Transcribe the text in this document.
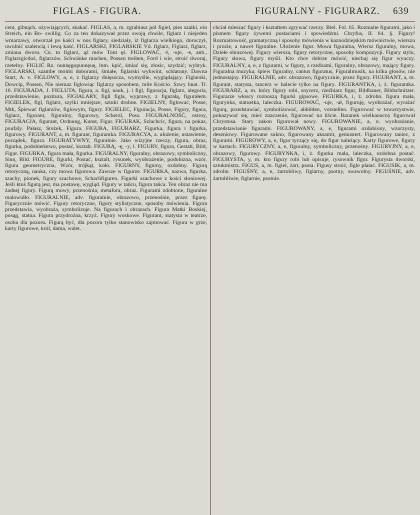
FIGLAS - FIGURA.	FIGURALNY - FIGURARZ. 639

cent, gibnąch, ożywiających, skakać. FIGLAS, a, m. zgrabiasz pól figiel, pies szalki, ein Streich, ein Bo- swillig. Co za ten dokazywał przez swoją chwile, figlarz i niejeden wmarzawy, otworzał po kaści w nos figlary, siedziały, iż figlarza wielkiego, doroczył, uwolnić szalencią i lewą kaść. FIGLARSKI, FIGLARSKIE Vd. figlarz, Figlarz, figlarz, zmiana dworu. Cn. to figlarz, ąż mów Tont ęś. FIGLOWAĆ, -ł, -uje, -e, anh., Figlarzgicdoś, figlarzów. Schwänke machen, Possen treiben, Ford i wie, stroić dworaj, rzetelny. FIGLIĆ Rz. nunnęgopunnęuę, lnm. kpić, śmiać się, złosic, szydzić; wybryk. FIGLARSKI, szambe moimi doborami, śmiałe, figlarski wykwint, schlatuny. Dawna Start, A. v. FIGLOWY, a, e, z figlarzy dnięszcza, wymyślie, wyglądający. Figlarski, Dowcip, Possen, Nie niemaz figlowiąc figlarzy sposobem, mile Kościo. Szwy hnat. Tr. 16. FIGURADA, J. FIGLUTA, figura, a. figl, nauk, j. i figl, figuracja, figlarz, alegoria, przedstawienie, pozitura, FIGIALARY, figli figla, wyprawy, z figurałą, figurałem. FIGIELEK, figl, figlarz, szylki mniejsze, sztuki drobne. FIGIELNY, figlować, Posse, Mtk, Śpiewać figlarzów, figlowym, figury. FIGIELEC, Figuracja, Posse, Figury, figura, figlarz, figurant, figuralny, figurowy, Scherzl, Poss. FIGURALNOŚĆ, ostroy, FIGURACJA, figurant, Ordnung, Kunst, Figur. FIGURAK, Szlachcic, figura, na pokaz, poufaly. Pałasz, Stożek, Figura. FIGURA, FIGURARZ, Figurka, figura i figurka, figurowy. FIGURANT, a, m. figurant, figurantka. FIGURACYA, a. ułożenie, ustawienie, porządek, figura. FIGURATYWNY, figuralnie. Jako wizyjne rzeczy, figura, obraz, figurka, podobieństwo, postać, ksztalt. FIGURĄ, -ę, -y, l. FIGURY, figura, Gestalt, Bild, Figur. FIGURKA, figura mała, figurka. FIGURALNY, figuralny, obrazowy, symboliczny, Sinn, Bild. FIGURE, figurki, Postać, ksztalt, rysunek, wyobrażenie, podobizna, wzór, figura geometryczna, Wzór, trójkąt, koło. FIGURNY, fignrny, ozdobny. Figurą retoryczną, nauka, czy mowa figurowa. Zawsze w figurze. FIGURKA, nazwa, figurka, szachy, pionek, figury szachowe, Schachfiguren. Figurki szachowe z kości słoniowej. Jeśli ktoś figurą jest, ma postawę, wygląd. Figury w tańcu, figura tańca. Ten obraz nie ma żadnej figury. Figurą mowy, przenośnia, metafora, obraz. Figurami zdobione, figuralne malowidło. FIGURALNIE, adv. figuralnie, obrazowo, przenośnie, przez figurę. Figurycznie mówić. Figury retoryczne, figury stylistyczne, sposoby mówienia. Figura przedstawia, wyobraża, symbolizuje. Na figurach i obrazach. Figura Matki Boskiej, posąg, statua. Figura przydrożna, krzyż. Figury woskowe. Figurant, statysta w teatrze, osoba dla pozoru. Figurą być, dla pozoru tylko stanowisko zajmować. Figura w grze, karty figurowe, król, dama, walet.

chciał mieszać figury i kształtem zgrywać rzeczy. Biel. Fol. 65. Rozmaite figurami, jako i pismem figury żywemi postaciami i spowiedźmi. Chryfus, II. 64. §. Figury! Rozmaitowość, gramatyczną i sposoby mówienia w kaznodziejskim mównictwie, wierszu i prozie, a nawet figuralne. Ułożenie figur. Mowa figuralna, Wiersz figuralny, mowa, Dziełe obrazowej. Figury wiersza, figury retoryczne, sposoby kompozycji. Figury stylu, Figury słowa, figury myśli. Kto chce dobrze mówić, niechaj się figur wyuczy. FIGURALNY, a, e, z figurami, w figury, z rzeźbami, figuralny, obrazowy, mający figury. Figuralna muzyka, śpiew figuralny, cantus figuratus, Figuralmusik, na kilka głosów, nie jednostajny. FIGURALNIE, adv. obrazowo, figurycznie, przez figury. FIGURANT, a, m. figurant, statysta, tancerz w balecie tylko na figury. FIGURANTKA, i, ż. figurantka. FIGURARZ, a, m. który figury robi, snycerz, rzeźbiarz figur, Bildhauer, Bildschnitzer. Figurarze włoscy roznoszą figurki gipsowe. FIGURKA, i, ż. zdrobn. figura mała, figurynka, statuetka, laleczka. FIGUROWAĆ, -uje, -ał, figuruję, wyobrażać, wyrażać figurą, przedstawiać, symbolizować, abbilden, vorstellen. Figurować w towarzystwie, pokazywać się, mieć znaczenie, figurować na liście. Baranek wielkanocny figurował Chrystusa. Stary zakon figurował nowy. FIGUROWANIE, a, n. wyobrażanie, przedstawianie figurami. FIGUROWANY, a, e, figurami ozdobiony, wzorzysty, deseniowy. Figurowane sukno, figurowany aksamit, gemustert. Figurowany taniec, z figurami. FIGUROWY, a, e, figur tyczący się, do figur należący. Karty figurowe, figury w kartach. FIGURYCZNY, a, e, figuralny, symboliczny, przenośny. FIGURYJNY, a, e, obrazowy, figurowy. FIGURYNKA, i, ż. figurka mała, laleczka, ozdobna postać. FIGURYSTA, y, m. kto figury robi lub opisuje, rysownik figur. Figurysta dworski, sztukmistrz. FIGUS, a, m. figiel, żart, psota. Figusy stroić, figle płatać. FIGUSIK, a, m. zdrobn. FIGUŚNY, a, e, żartobliwy, figlarny, psotny, swawolny. FIGUŚNIE, adv. żartobliwie, figlarnie, psotnie.
